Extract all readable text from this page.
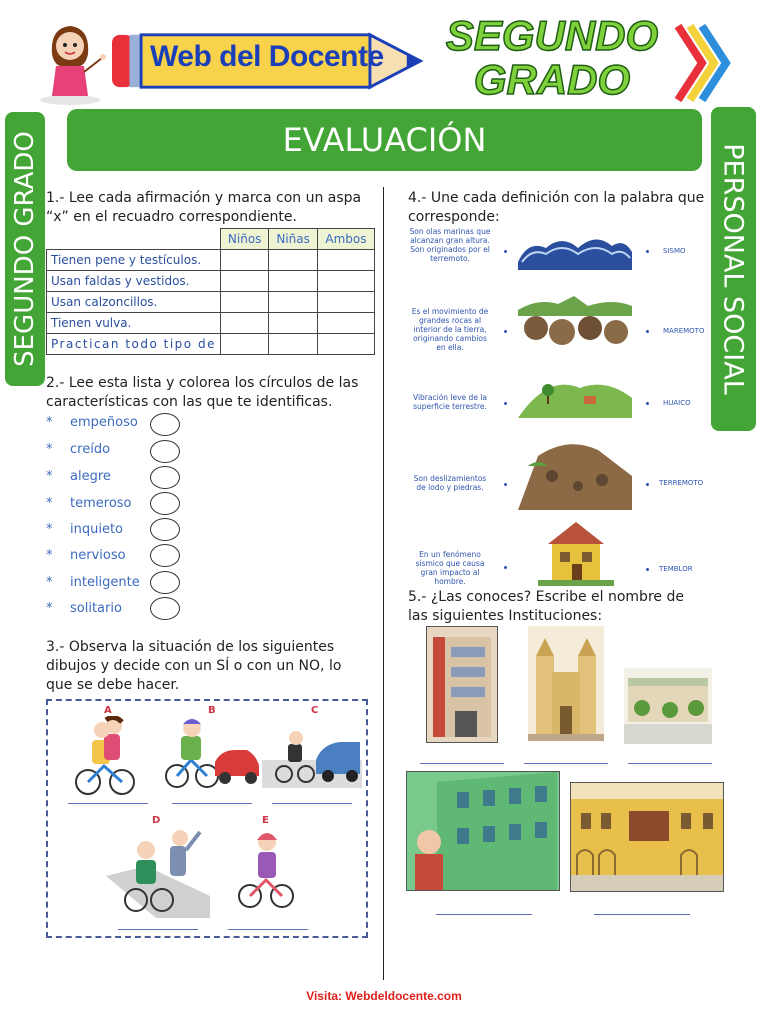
Web del Docente	SEGUNDO
GRADO
EVALUACIÓN
SEGUNDO GRADO	PERSONAL SOCIAL
1.- Lee cada afirmación y marca con un aspa “x” en el recuadro correspondiente.
	Niños	Niñas	Ambos
Tienen pene y testículos.			
Usan faldas y vestidos.			
Usan calzoncillos.			
Tienen vulva.			
Practican todo tipo de			
2.- Lee esta lista y colorea los círculos de las características con las que te identificas.
* empeñoso
* creído
* alegre
* temeroso
* inquieto
* nervioso
* inteligente
* solitario
3.- Observa la situación de los siguientes dibujos y decide con un SÍ o con un NO, lo que se debe hacer.
A	B	C
D	E
4.- Une cada definición con la palabra que corresponde:
Son olas marinas que alcanzan gran altura. Son originados por el terremoto.
Es el movimiento de grandes rocas al interior de la tierra, originando cambios en ella.
Vibración leve de la superficie terrestre.
Son deslizamientos de lodo y piedras.
En un fenómeno sísmico que causa gran impacto al hombre.
SISMO
MAREMOTO
HUAICO
TERREMOTO
TEMBLOR
5.- ¿Las conoces? Escribe el nombre de las siguientes Instituciones:
Visita: Webdeldocente.com
